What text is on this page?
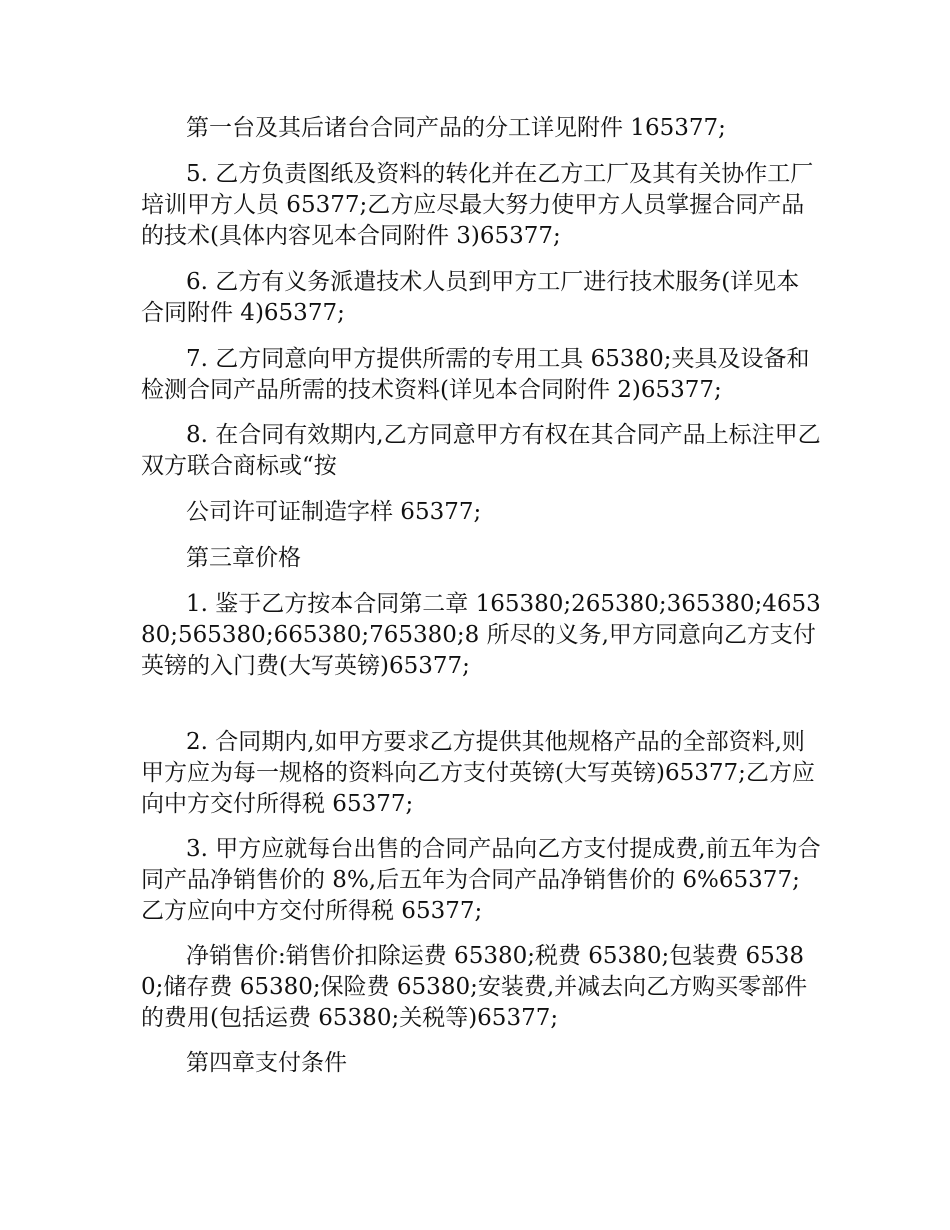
第一台及其后诸台合同产品的分工详见附件 165377;

5. 乙方负责图纸及资料的转化并在乙方工厂及其有关协作工厂培训甲方人员 65377;乙方应尽最大努力使甲方人员掌握合同产品的技术(具体内容见本合同附件 3)65377;

6. 乙方有义务派遣技术人员到甲方工厂进行技术服务(详见本合同附件 4)65377;

7. 乙方同意向甲方提供所需的专用工具 65380;夹具及设备和检测合同产品所需的技术资料(详见本合同附件 2)65377;

8. 在合同有效期内,乙方同意甲方有权在其合同产品上标注甲乙双方联合商标或“按

公司许可证制造字样 65377;

第三章价格

1. 鉴于乙方按本合同第二章 165380;265380;365380;465380;565380;665380;765380;8 所尽的义务,甲方同意向乙方支付英镑的入门费(大写英镑)65377;

2. 合同期内,如甲方要求乙方提供其他规格产品的全部资料,则甲方应为每一规格的资料向乙方支付英镑(大写英镑)65377;乙方应向中方交付所得税 65377;

3. 甲方应就每台出售的合同产品向乙方支付提成费,前五年为合同产品净销售价的 8%,后五年为合同产品净销售价的 6%65377;乙方应向中方交付所得税 65377;

净销售价:销售价扣除运费 65380;税费 65380;包装费 65380;储存费 65380;保险费 65380;安装费,并减去向乙方购买零部件的费用(包括运费 65380;关税等)65377;

第四章支付条件
